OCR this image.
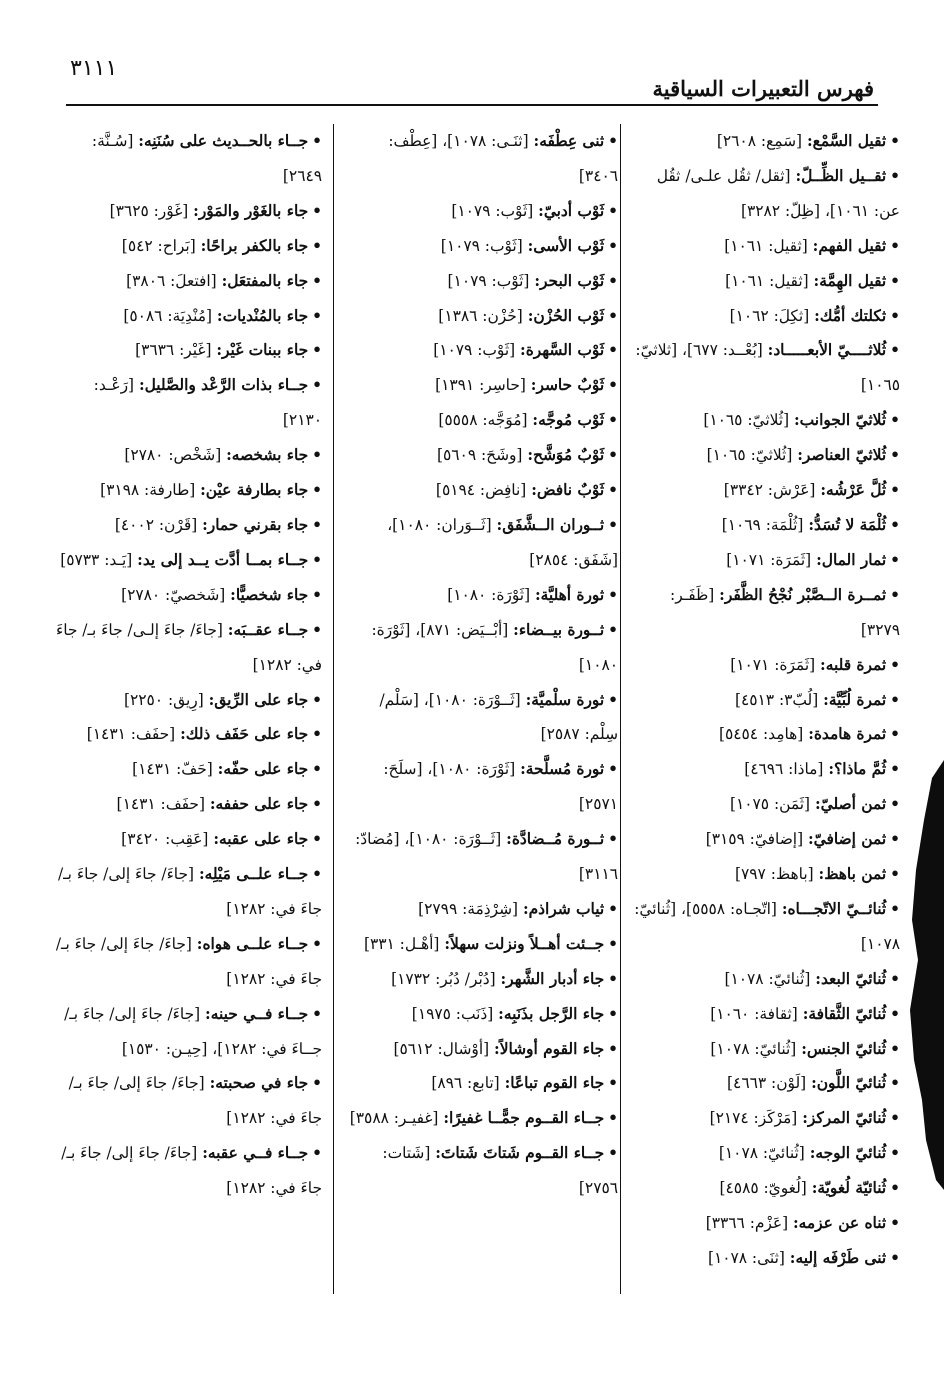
٣١١١
فهرس التعبيرات السياقية
•ثقيل السَّمْع: [سَمِع: ٢٦٠٨]
•ثقــيل الظِّــلّ: [ثقل/ ثقُل علـى/ ثقُل عن: ١٠٦١]، [ظِلّ: ٣٢٨٢]
•ثقيل الفهم: [ثقيل: ١٠٦١]
•ثقيل الهِمَّة: [ثقيل: ١٠٦١]
•ثكلتك أمُّك: [ثكِلَ: ١٠٦٢]
•ثُلاثــــيّ الأبعـــــاد: [بُعْــد: ٦٧٧]، [ثلاثيّ: ١٠٦٥]
•ثُلاثيّ الجوانب: [ثُلاثيّ: ١٠٦٥]
•ثُلاثيّ العناصر: [ثُلاثيّ: ١٠٦٥]
•ثُلَّ عَرْشُه: [عَرْش: ٣٣٤٢]
•ثُلْمَة لا تُسَدُّ: [ثُلْمَة: ١٠٦٩]
•ثمار المال: [ثَمَرَة: ١٠٧١]
•ثمــرة الــصَّبْر نُجْحُ الظَّفَر: [ظَفَـر: ٣٢٧٩]
•ثمرة قلبه: [ثَمَرَة: ١٠٧١]
•ثمرة لُبِّيَّة: [لُبّ٣: ٤٥١٣]
•ثمرة هامدة: [هامِد: ٥٤٥٤]
•ثُمَّ ماذا؟: [ماذا: ٤٦٩٦]
•ثمن أصليّ: [ثَمَن: ١٠٧٥]
•ثمن إضافيّ: [إضافيّ: ٣١٥٩]
•ثمن باهظ: [باهظ: ٧٩٧]
•ثُنائــيّ الاتّجـــاه: [اتّجـاه: ٥٥٥٨]، [ثُنائيّ: ١٠٧٨]
•ثُنائيّ البعد: [ثُنائيّ: ١٠٧٨]
•ثُنائيّ الثَّقافة: [ثقافة: ١٠٦٠]
•ثُنائيّ الجنس: [ثُنائيّ: ١٠٧٨]
•ثُنائيّ اللَّون: [لَوْن: ٤٦٦٣]
•ثُنائيّ المركز: [مَرْكَز: ٢١٧٤]
•ثُنائيّ الوجه: [ثُنائيّ: ١٠٧٨]
•ثُنائيّة لُغويّة: [لُغويّ: ٤٥٨٥]
•ثناه عن عزمه: [عَزْم: ٣٣٦٦]
•ثنى طَرْفَه إليه: [ثنَى: ١٠٧٨]
•ثنى عِطْفَه: [ثنَـى: ١٠٧٨]، [عِطْف: ٣٤٠٦]
•ثَوْب أدبيّ: [ثَوْب: ١٠٧٩]
•ثَوْب الأسى: [ثَوْب: ١٠٧٩]
•ثَوْب البحر: [ثَوْب: ١٠٧٩]
•ثَوْب الحُزْن: [حُزْن: ١٣٨٦]
•ثَوْب السَّهرة: [ثَوْب: ١٠٧٩]
•ثَوْبٌ حاسر: [حاسِر: ١٣٩١]
•ثَوْب مُوجَّه: [مُوَجَّه: ٥٥٥٨]
•ثَوْبٌ مُوَشَّح: [وشَحَ: ٥٦٠٩]
•ثَوْبٌ نافض: [نافِض: ٥١٩٤]
•ثــوران الــشَّفَق: [ثَــوَران: ١٠٨٠]، [شَفَق: ٢٨٥٤]
•ثورة أهليَّة: [ثَوْرَة: ١٠٨٠]
•ثــورة بيــضاء: [أبْــيَض: ٨٧١]، [ثَوْرَة: ١٠٨٠]
•ثورة سلْميَّة: [ثَــوْرَة: ١٠٨٠]، [سَلْم/ سِلْم: ٢٥٨٧]
•ثورة مُسلَّحة: [ثَوْرَة: ١٠٨٠]، [سلَحَ: ٢٥٧١]
•ثــورة مُــضادَّة: [ثَــوْرَة: ١٠٨٠]، [مُضادّ: ٣١١٦]
•ثياب شراذم: [شِرْذِمَة: ٢٧٩٩]
•جــئت أهــلاً ونزلت سهلاً: [أهْـل: ٣٣١]
•جاء أدبار الشَّهر: [دُبْر/ دُبُر: ١٧٣٢]
•جاء الرَّجل بذَنَبِه: [ذَنَب: ١٩٧٥]
•جاء القوم أوشالاً: [أوْشال: ٥٦١٢]
•جاء القوم تباعًا: [تابع: ٨٩٦]
•جــاء القــوم جمًّــا غفيرًا: [غفيـر: ٣٥٨٨]
•جــاء القــوم شَتاتَ شَتاتَ: [شَتات: ٢٧٥٦]
•جــاء بالحــديث على سُنَنِه: [سُـنَّة: ٢٦٤٩]
•جاء بالغَوْر والمَوْر: [غَوْر: ٣٦٢٥]
•جاء بالكفر براحًا: [بَراح: ٥٤٢]
•جاء بالمفتعَل: [افتعلَ: ٣٨٠٦]
•جاء بالمُنْديات: [مُنْدِيَة: ٥٠٨٦]
•جاء ببنات غَيْر: [غَيْر: ٣٦٣٦]
•جــاء بذات الرَّعْد والصَّليل: [رَعْـد: ٢١٣٠]
•جاء بشخصه: [شَخْص: ٢٧٨٠]
•جاء بطارفة عيْن: [طارفة: ٣١٩٨]
•جاء بقرني حمار: [قَرْن: ٤٠٠٢]
•جــاء بمــا أدَّت يــد إلى يد: [يَـد: ٥٧٣٣]
•جاء شخصيًّا: [شَخصيّ: ٢٧٨٠]
•جــاء عقــبَه: [جاءَ/ جاءَ إلـى/ جاءَ بـ/ جاءَ في: ١٢٨٢]
•جاء على الرِّيق: [رِيق: ٢٢٥٠]
•جاء على حَفَف ذلك: [حفَف: ١٤٣١]
•جاء على حفّه: [حَفّ: ١٤٣١]
•جاء على حففه: [حفَف: ١٤٣١]
•جاء على عقبه: [عَقِب: ٣٤٢٠]
•جــاء علــى مَيْلِه: [جاءَ/ جاءَ إلى/ جاءَ بـ/ جاءَ في: ١٢٨٢]
•جــاء علــى هواه: [جاءَ/ جاءَ إلى/ جاءَ بـ/ جاءَ في: ١٢٨٢]
•جــاء فــي حينه: [جاءَ/ جاءَ إلى/ جاءَ بـ/ جــاءَ في: ١٢٨٢]، [حِيـن: ١٥٣٠]
•جاء في صحبته: [جاءَ/ جاءَ إلى/ جاءَ بـ/ جاءَ في: ١٢٨٢]
•جــاء فــي عقبه: [جاءَ/ جاءَ إلى/ جاءَ بـ/ جاءَ في: ١٢٨٢]
